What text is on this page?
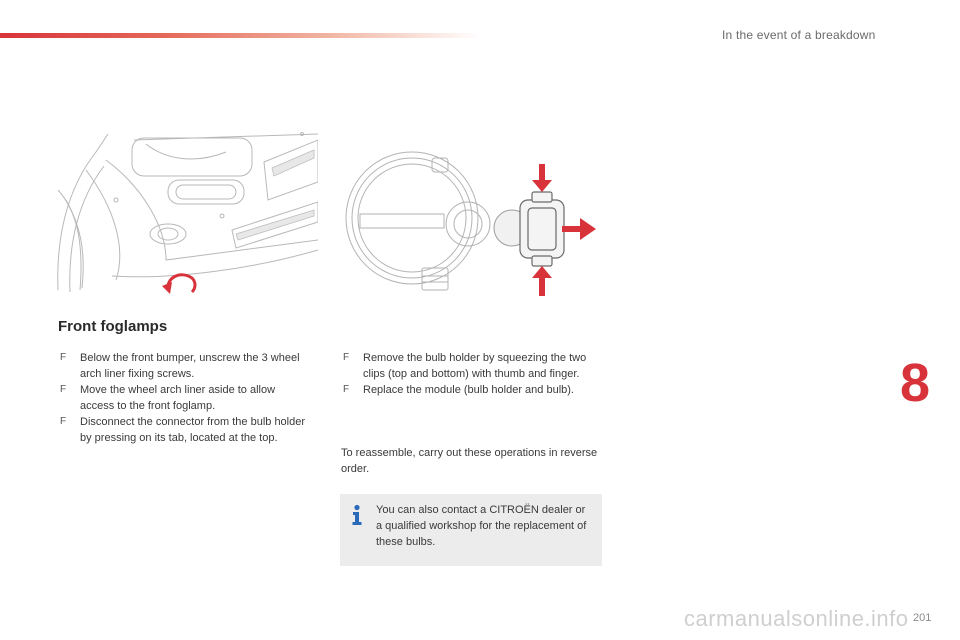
In the event of a breakdown
Front foglamps
F Below the front bumper, unscrew the 3 wheel arch liner fixing screws.
F Move the wheel arch liner aside to allow access to the front foglamp.
F Disconnect the connector from the bulb holder by pressing on its tab, located at the top.
F Remove the bulb holder by squeezing the two clips (top and bottom) with thumb and finger.
F Replace the module (bulb holder and bulb).

To reassemble, carry out these operations in reverse order.

You can also contact a CITROËN dealer or a qualified workshop for the replacement of these bulbs.

8
carmanualsonline.info 201
